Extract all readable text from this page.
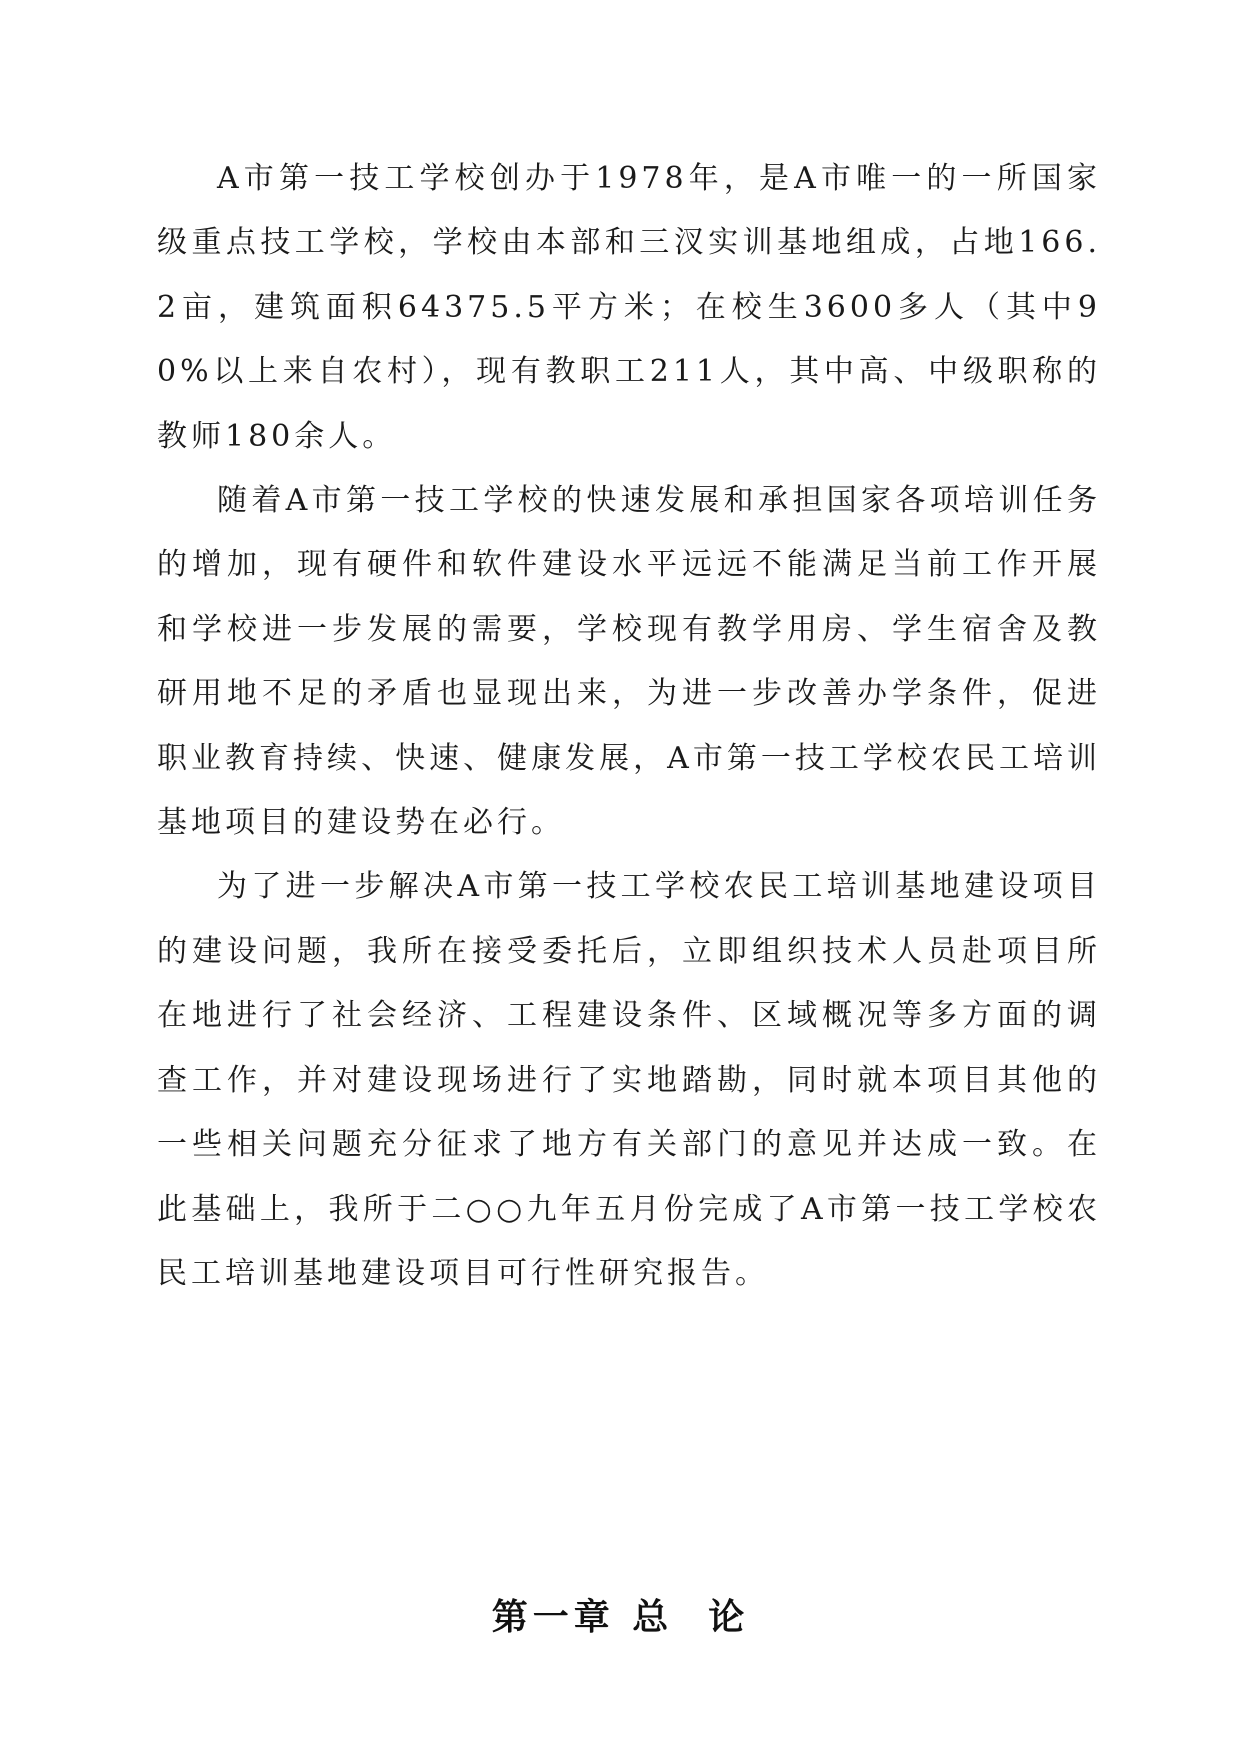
A市第一技工学校创办于1978年，是A市唯一的一所国家级重点技工学校，学校由本部和三汊实训基地组成，占地166.2亩，建筑面积64375.5平方米；在校生3600多人（其中90%以上来自农村），现有教职工211人，其中高、中级职称的教师180余人。

随着A市第一技工学校的快速发展和承担国家各项培训任务的增加，现有硬件和软件建设水平远远不能满足当前工作开展和学校进一步发展的需要，学校现有教学用房、学生宿舍及教研用地不足的矛盾也显现出来，为进一步改善办学条件，促进职业教育持续、快速、健康发展，A市第一技工学校农民工培训基地项目的建设势在必行。

为了进一步解决A市第一技工学校农民工培训基地建设项目的建设问题，我所在接受委托后，立即组织技术人员赴项目所在地进行了社会经济、工程建设条件、区域概况等多方面的调查工作，并对建设现场进行了实地踏勘，同时就本项目其他的一些相关问题充分征求了地方有关部门的意见并达成一致。在此基础上，我所于二○○九年五月份完成了A市第一技工学校农民工培训基地建设项目可行性研究报告。

第一章 总  论
